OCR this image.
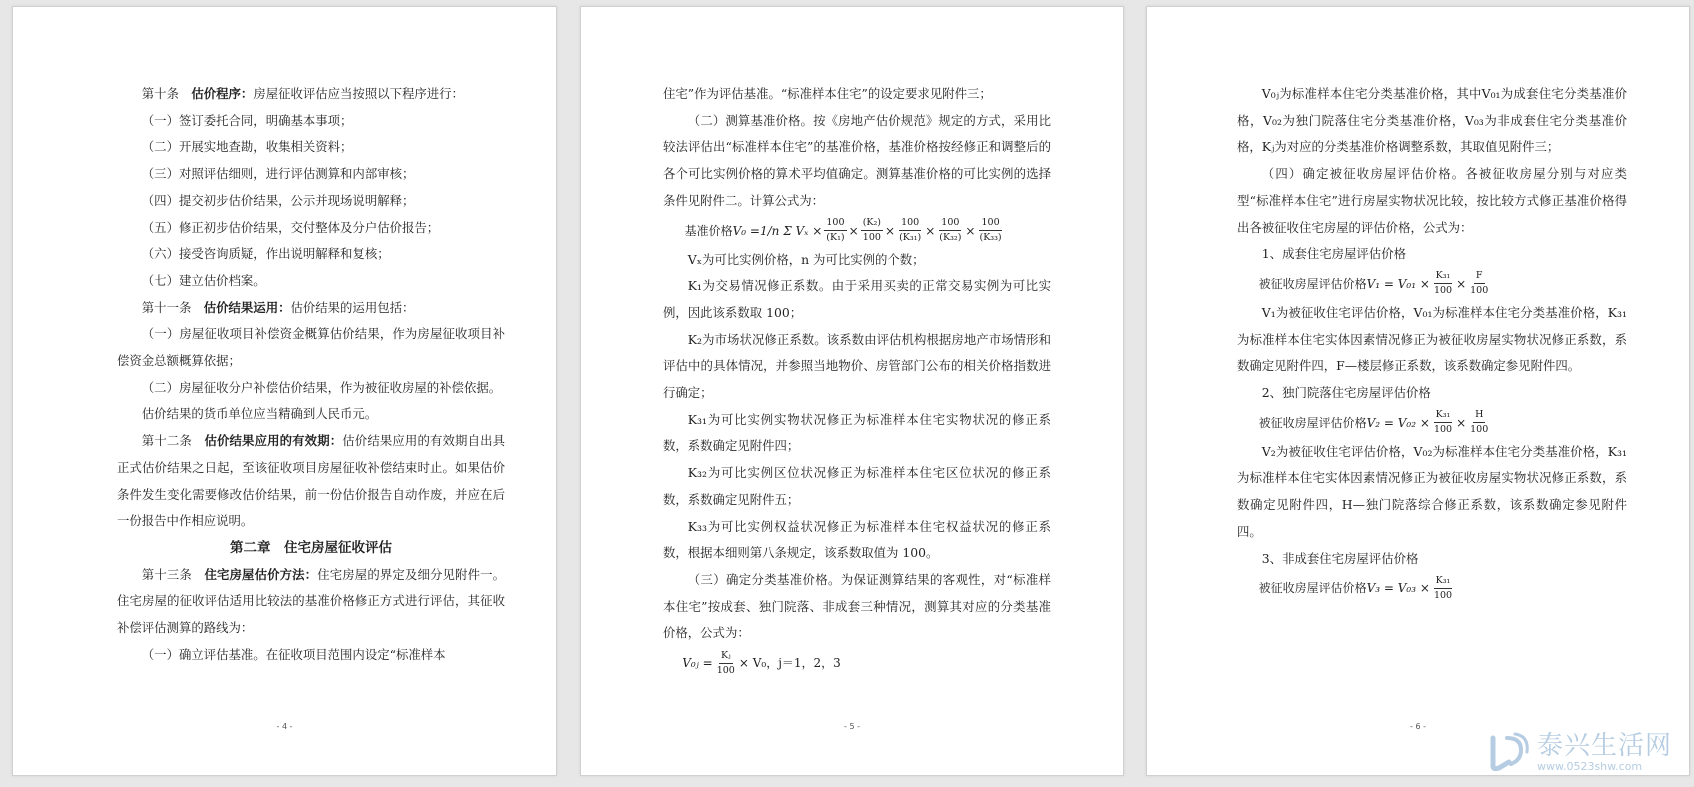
第十条　估价程序：房屋征收评估应当按照以下程序进行：

（一）签订委托合同，明确基本事项；

（二）开展实地查勘，收集相关资料；

（三）对照评估细则，进行评估测算和内部审核；

（四）提交初步估价结果，公示并现场说明解释；

（五）修正初步估价结果，交付整体及分户估价报告；

（六）接受咨询质疑，作出说明解释和复核；

（七）建立估价档案。

第十一条　估价结果运用：估价结果的运用包括：

（一）房屋征收项目补偿资金概算估价结果，作为房屋征收项目补偿资金总额概算依据；

（二）房屋征收分户补偿估价结果，作为被征收房屋的补偿依据。

估价结果的货币单位应当精确到人民币元。

第十二条　估价结果应用的有效期：估价结果应用的有效期自出具正式估价结果之日起，至该征收项目房屋征收补偿结束时止。如果估价条件发生变化需要修改估价结果，前一份估价报告自动作废，并应在后一份报告中作相应说明。

第二章　住宅房屋征收评估

第十三条　住宅房屋估价方法：住宅房屋的界定及细分见附件一。住宅房屋的征收评估适用比较法的基准价格修正方式进行评估，其征收补偿评估测算的路线为：

（一）确立评估基准。在征收项目范围内设定“标准样本

- 4 -

住宅”作为评估基准。“标准样本住宅”的设定要求见附件三；

（二）测算基准价格。按《房地产估价规范》规定的方式，采用比较法评估出“标准样本住宅”的基准价格，基准价格按经修正和调整后的各个可比实例价格的算术平均值确定。测算基准价格的可比实例的选择条件见附件二。计算公式为：

基准价格 V₀ = 1/n Σ $V_x \times \frac{100}{\text{(K₁)}} \times \frac{\text{(K₂)}}{100} \times \frac{100}{\text{(K₃₁)}} \times \frac{100}{\text{(K₃₂)}} \times \frac{100}{\text{(K₃₃)}}$

Vₓ为可比实例价格，n 为可比实例的个数；

K₁为交易情况修正系数。由于采用买卖的正常交易实例为可比实例，因此该系数取 100；

K₂为市场状况修正系数。该系数由评估机构根据房地产市场情形和评估中的具体情况，并参照当地物价、房管部门公布的相关价格指数进行确定；

K₃₁为可比实例实物状况修正为标准样本住宅实物状况的修正系数，系数确定见附件四；

K₃₂为可比实例区位状况修正为标准样本住宅区位状况的修正系数，系数确定见附件五；

K₃₃为可比实例权益状况修正为标准样本住宅权益状况的修正系数，根据本细则第八条规定，该系数取值为 100。

（三）确定分类基准价格。为保证测算结果的客观性，对“标准样本住宅”按成套、独门院落、非成套三种情况，测算其对应的分类基准价格，公式为：

V₀ⱼ = $\frac{\text{Kⱼ}}{100} \times V_0$，j＝1，2，3
- 5 -

V₀ⱼ为标准样本住宅分类基准价格，其中V₀₁为成套住宅分类基准价格，V₀₂为独门院落住宅分类基准价格，V₀₃为非成套住宅分类基准价格，Kⱼ为对应的分类基准价格调整系数，其取值见附件三；

（四）确定被征收房屋评估价格。各被征收房屋分别与对应类型“标准样本住宅”进行房屋实物状况比较，按比较方式修正基准价格得出各被征收住宅房屋的评估价格，公式为：

1、成套住宅房屋评估价格

被征收房屋评估价格 $V_1 = V_{01} \times \frac{\text{K₃₁}}{100} \times \frac{F}{100}$

V₁为被征收住宅评估价格，V₀₁为标准样本住宅分类基准价格，K₃₁为标准样本住宅实体因素情况修正为被征收房屋实物状况修正系数，系数确定见附件四，F—楼层修正系数，该系数确定参见附件四。

2、独门院落住宅房屋评估价格

被征收房屋评估价格 $V_2 = V_{02} \times \frac{\text{K₃₁}}{100} \times \frac{H}{100}$

V₂为被征收住宅评估价格，V₀₂为标准样本住宅分类基准价格，K₃₁为标准样本住宅实体因素情况修正为被征收房屋实物状况修正系数，系数确定见附件四，H—独门院落综合修正系数，该系数确定参见附件四。

3、非成套住宅房屋评估价格

被征收房屋评估价格 $V_3 = V_{03} \times \frac{\text{K₃₁}}{100}$
- 6 -
泰兴生活网
www.0523shw.com
